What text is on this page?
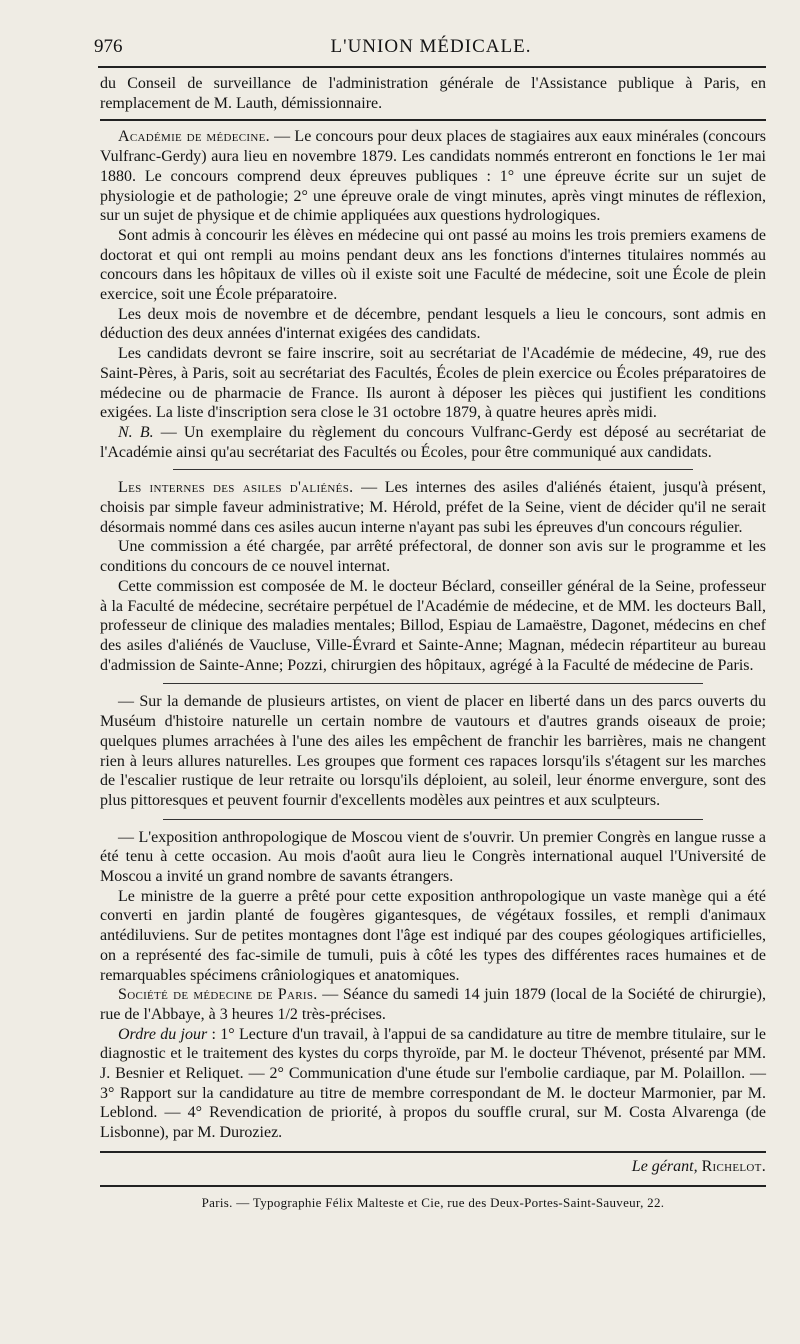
976	L'UNION MÉDICALE.

du Conseil de surveillance de l'administration générale de l'Assistance publique à Paris, en remplacement de M. Lauth, démissionnaire.

Académie de médecine. — Le concours pour deux places de stagiaires aux eaux minérales (concours Vulfranc-Gerdy) aura lieu en novembre 1879. Les candidats nommés entreront en fonctions le 1er mai 1880. Le concours comprend deux épreuves publiques : 1° une épreuve écrite sur un sujet de physiologie et de pathologie; 2° une épreuve orale de vingt minutes, après vingt minutes de réflexion, sur un sujet de physique et de chimie appliquées aux questions hydrologiques.

Sont admis à concourir les élèves en médecine qui ont passé au moins les trois premiers examens de doctorat et qui ont rempli au moins pendant deux ans les fonctions d'internes titulaires nommés au concours dans les hôpitaux de villes où il existe soit une Faculté de médecine, soit une École de plein exercice, soit une École préparatoire.

Les deux mois de novembre et de décembre, pendant lesquels a lieu le concours, sont admis en déduction des deux années d'internat exigées des candidats.

Les candidats devront se faire inscrire, soit au secrétariat de l'Académie de médecine, 49, rue des Saint-Pères, à Paris, soit au secrétariat des Facultés, Écoles de plein exercice ou Écoles préparatoires de médecine ou de pharmacie de France. Ils auront à déposer les pièces qui justifient les conditions exigées. La liste d'inscription sera close le 31 octobre 1879, à quatre heures après midi.

N. B. — Un exemplaire du règlement du concours Vulfranc-Gerdy est déposé au secrétariat de l'Académie ainsi qu'au secrétariat des Facultés ou Écoles, pour être communiqué aux candidats.

Les internes des asiles d'aliénés. — Les internes des asiles d'aliénés étaient, jusqu'à présent, choisis par simple faveur administrative; M. Hérold, préfet de la Seine, vient de décider qu'il ne serait désormais nommé dans ces asiles aucun interne n'ayant pas subi les épreuves d'un concours régulier.

Une commission a été chargée, par arrêté préfectoral, de donner son avis sur le programme et les conditions du concours de ce nouvel internat.

Cette commission est composée de M. le docteur Béclard, conseiller général de la Seine, professeur à la Faculté de médecine, secrétaire perpétuel de l'Académie de médecine, et de MM. les docteurs Ball, professeur de clinique des maladies mentales; Billod, Espiau de Lamaëstre, Dagonet, médecins en chef des asiles d'aliénés de Vaucluse, Ville-Évrard et Sainte-Anne; Magnan, médecin répartiteur au bureau d'admission de Sainte-Anne; Pozzi, chirurgien des hôpitaux, agrégé à la Faculté de médecine de Paris.

— Sur la demande de plusieurs artistes, on vient de placer en liberté dans un des parcs ouverts du Muséum d'histoire naturelle un certain nombre de vautours et d'autres grands oiseaux de proie; quelques plumes arrachées à l'une des ailes les empêchent de franchir les barrières, mais ne changent rien à leurs allures naturelles. Les groupes que forment ces rapaces lorsqu'ils s'étagent sur les marches de l'escalier rustique de leur retraite ou lorsqu'ils déploient, au soleil, leur énorme envergure, sont des plus pittoresques et peuvent fournir d'excellents modèles aux peintres et aux sculpteurs.

— L'exposition anthropologique de Moscou vient de s'ouvrir. Un premier Congrès en langue russe a été tenu à cette occasion. Au mois d'août aura lieu le Congrès international auquel l'Université de Moscou a invité un grand nombre de savants étrangers.

Le ministre de la guerre a prêté pour cette exposition anthropologique un vaste manège qui a été converti en jardin planté de fougères gigantesques, de végétaux fossiles, et rempli d'animaux antédiluviens. Sur de petites montagnes dont l'âge est indiqué par des coupes géologiques artificielles, on a représenté des fac-simile de tumuli, puis à côté les types des différentes races humaines et de remarquables spécimens crâniologiques et anatomiques.

Société de médecine de Paris. — Séance du samedi 14 juin 1879 (local de la Société de chirurgie), rue de l'Abbaye, à 3 heures 1/2 très-précises.

Ordre du jour : 1° Lecture d'un travail, à l'appui de sa candidature au titre de membre titulaire, sur le diagnostic et le traitement des kystes du corps thyroïde, par M. le docteur Thévenot, présenté par MM. J. Besnier et Reliquet. — 2° Communication d'une étude sur l'embolie cardiaque, par M. Polaillon. — 3° Rapport sur la candidature au titre de membre correspondant de M. le docteur Marmonier, par M. Leblond. — 4° Revendication de priorité, à propos du souffle crural, sur M. Costa Alvarenga (de Lisbonne), par M. Duroziez.

Le gérant, Richelot.
Paris. — Typographie Félix Malteste et Cie, rue des Deux-Portes-Saint-Sauveur, 22.
